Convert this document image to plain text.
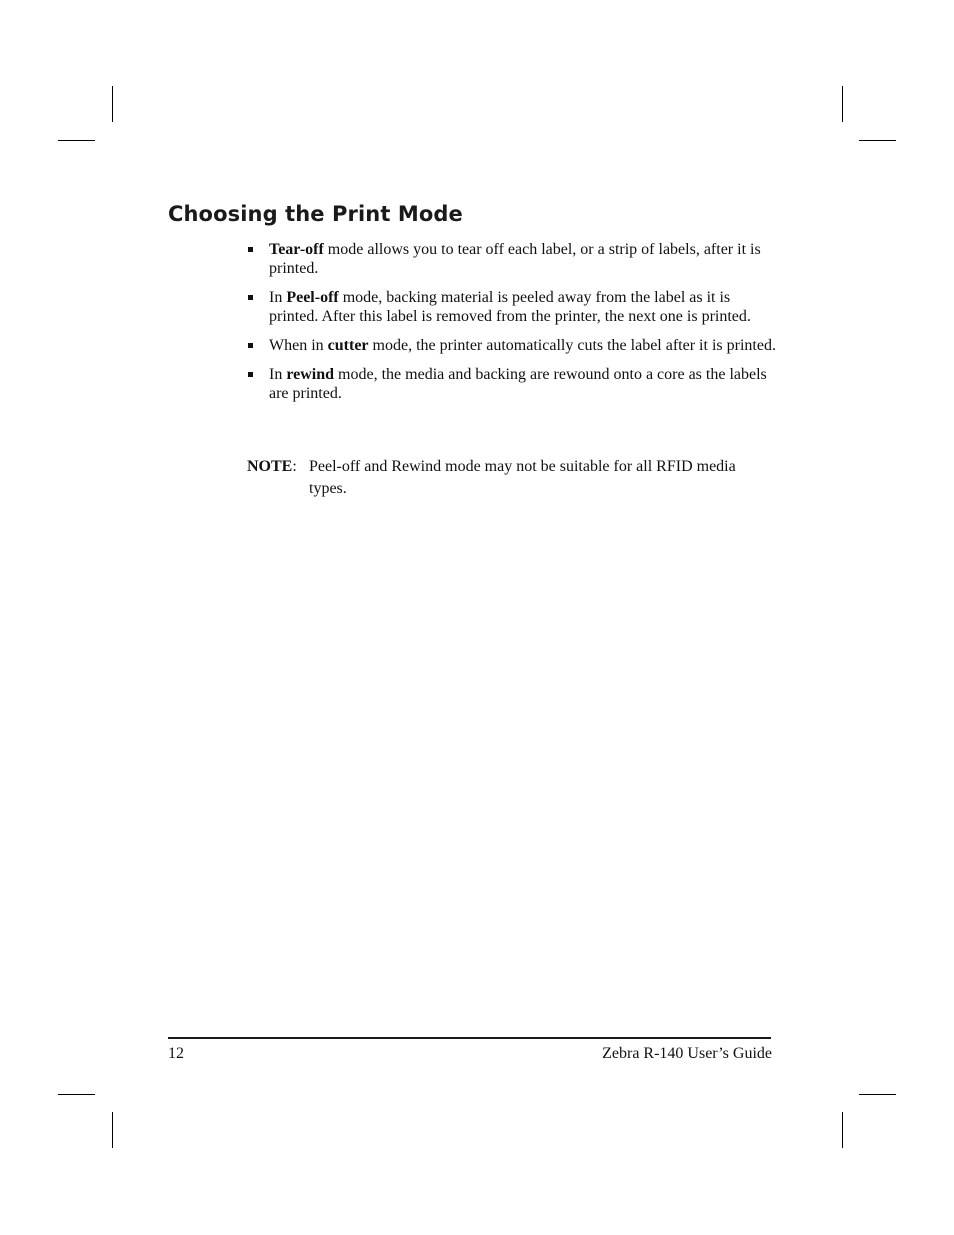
Choosing the Print Mode
Tear-off mode allows you to tear off each label, or a strip of labels, after it is printed.
In Peel-off mode, backing material is peeled away from the label as it is printed. After this label is removed from the printer, the next one is printed.
When in cutter mode, the printer automatically cuts the label after it is printed.
In rewind mode, the media and backing are rewound onto a core as the labels are printed.
NOTE: Peel-off and Rewind mode may not be suitable for all RFID media types.
12	Zebra R-140 User’s Guide
